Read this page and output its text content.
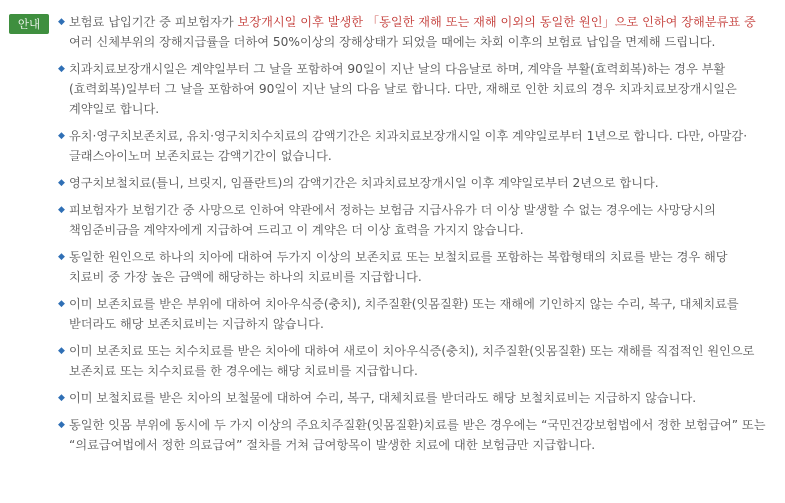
안내	◆ 보험료 납입기간 중 피보험자가 보장개시일 이후 발생한 「동일한 재해 또는 재해 이외의 동일한 원인」으로 인하여 장해분류표 중 여러 신체부위의 장해지급률을 더하여 50%이상의 장해상태가 되었을 때에는 차회 이후의 보험료 납입을 면제해 드립니다.
◆ 치과치료보장개시일은 계약일부터 그 날을 포함하여 90일이 지난 날의 다음날로 하며, 계약을 부활(효력회복)하는 경우 부활(효력회복)일부터 그 날을 포함하여 90일이 지난 날의 다음 날로 합니다. 다만, 재해로 인한 치료의 경우 치과치료보장개시일은 계약일로 합니다.
◆ 유치·영구치보존치료, 유치·영구치치수치료의 감액기간은 치과치료보장개시일 이후 계약일로부터 1년으로 합니다. 다만, 아말감·글래스아이노머 보존치료는 감액기간이 없습니다.
◆ 영구치보철치료(틀니, 브릿지, 임플란트)의 감액기간은 치과치료보장개시일 이후 계약일로부터 2년으로 합니다.
◆ 피보험자가 보험기간 중 사망으로 인하여 약관에서 정하는 보험금 지급사유가 더 이상 발생할 수 없는 경우에는 사망당시의 책임준비금을 계약자에게 지급하여 드리고 이 계약은 더 이상 효력을 가지지 않습니다.
◆ 동일한 원인으로 하나의 치아에 대하여 두가지 이상의 보존치료 또는 보철치료를 포함하는 복합형태의 치료를 받는 경우 해당 치료비 중 가장 높은 금액에 해당하는 하나의 치료비를 지급합니다.
◆ 이미 보존치료를 받은 부위에 대하여 치아우식증(충치), 치주질환(잇몸질환) 또는 재해에 기인하지 않는 수리, 복구, 대체치료를 받더라도 해당 보존치료비는 지급하지 않습니다.
◆ 이미 보존치료 또는 치수치료를 받은 치아에 대하여 새로이 치아우식증(충치), 치주질환(잇몸질환) 또는 재해를 직접적인 원인으로 보존치료 또는 치수치료를 한 경우에는 해당 치료비를 지급합니다.
◆ 이미 보철치료를 받은 치아의 보철물에 대하여 수리, 복구, 대체치료를 받더라도 해당 보철치료비는 지급하지 않습니다.
◆ 동일한 잇몸 부위에 동시에 두 가지 이상의 주요치주질환(잇몸질환)치료를 받은 경우에는 “국민건강보험법에서 정한 보험급여” 또는 “의료급여법에서 정한 의료급여” 절차를 거쳐 급여항목이 발생한 치료에 대한 보험금만 지급합니다.
